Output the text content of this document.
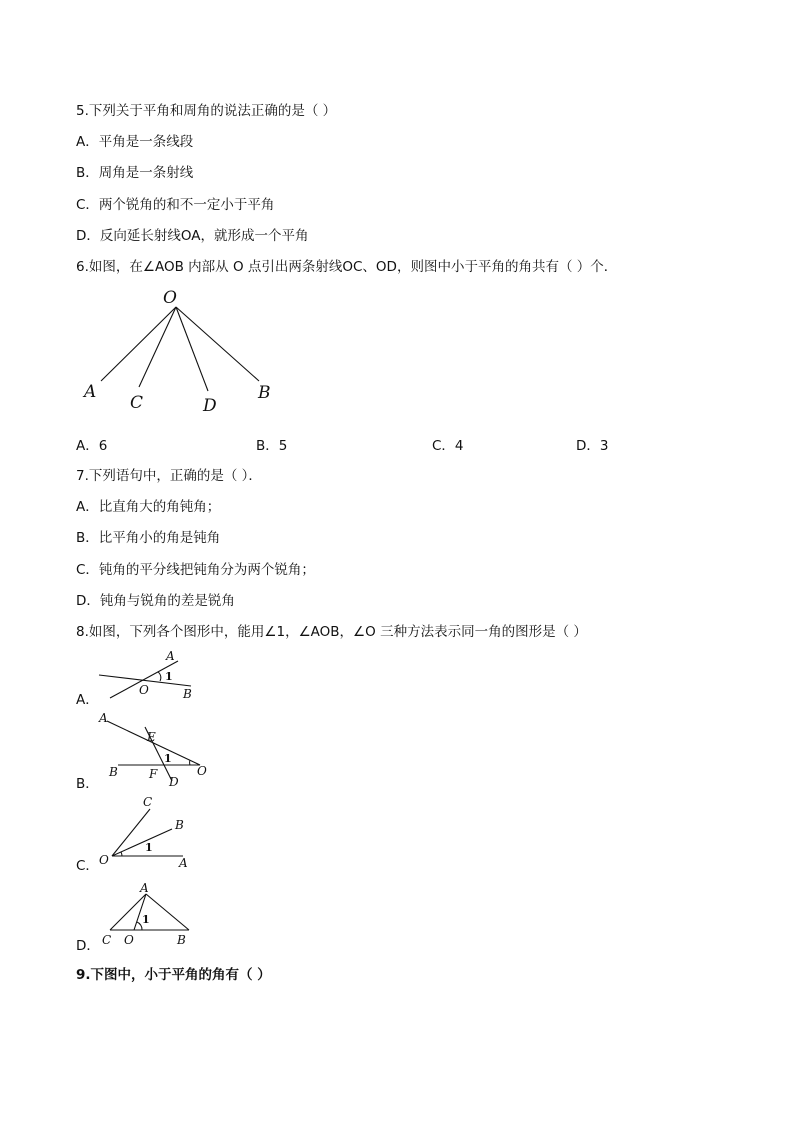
5.下列关于平角和周角的说法正确的是（ ）
A．平角是一条线段
B．周角是一条射线
C．两个锐角的和不一定小于平角
D．反向延长射线OA，就形成一个平角
6.如图，在∠AOB 内部从 O 点引出两条射线OC、OD，则图中小于平角的角共有（ ）个．
O
A
C	D
B
A．6	B．5	C．4	D．3
7.下列语句中，正确的是（ ）．
A．比直角大的角钝角；
B．比平角小的角是钝角
C．钝角的平分线把钝角分为两个锐角；
D．钝角与锐角的差是锐角
8.如图，下列各个图形中，能用∠1，∠AOB，∠O 三种方法表示同一角的图形是（ ）
A．
A
1
O	B
B．
A
E
1
B	F
D
O
C．
C
B
1
O	A
D．
A
1
C O	B
9.下图中，小于平角的角有（ ）
